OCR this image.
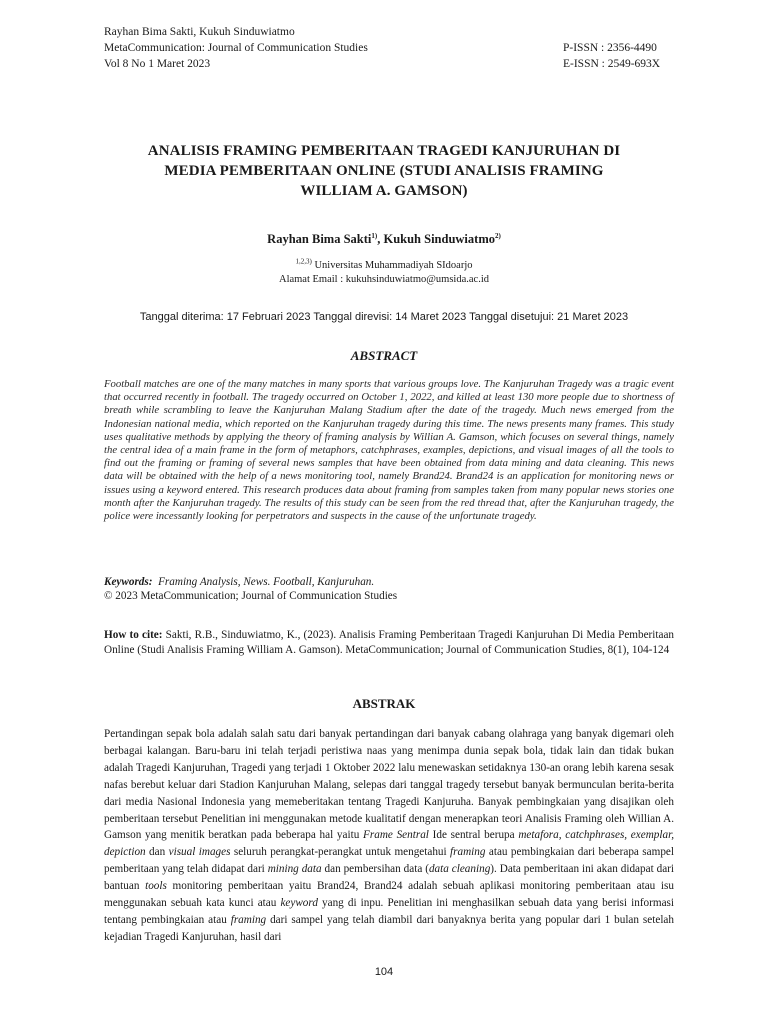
Rayhan Bima Sakti, Kukuh Sinduwiatmo
MetaCommunication: Journal of Communication Studies
Vol 8 No 1 Maret 2023
P-ISSN : 2356-4490
E-ISSN : 2549-693X
ANALISIS FRAMING PEMBERITAAN TRAGEDI KANJURUHAN DI
MEDIA PEMBERITAAN ONLINE (STUDI ANALISIS FRAMING
WILLIAM A. GAMSON)
Rayhan Bima Sakti$^{1)}$, Kukuh Sinduwiatmo$^{2)}$
$^{1,2,3)}$ Universitas Muhammadiyah SIdoarjo
Alamat Email : kukuhsinduwiatmo@umsida.ac.id
Tanggal diterima: 17 Februari 2023 Tanggal direvisi: 14 Maret 2023 Tanggal disetujui: 21 Maret 2023
ABSTRACT
Football matches are one of the many matches in many sports that various groups love. The Kanjuruhan Tragedy was a tragic event that occurred recently in football. The tragedy occurred on October 1, 2022, and killed at least 130 more people due to shortness of breath while scrambling to leave the Kanjuruhan Malang Stadium after the date of the tragedy. Much news emerged from the Indonesian national media, which reported on the Kanjuruhan tragedy during this time. The news presents many frames. This study uses qualitative methods by applying the theory of framing analysis by Willian A. Gamson, which focuses on several things, namely the central idea of a main frame in the form of metaphors, catchphrases, examples, depictions, and visual images of all the tools to find out the framing or framing of several news samples that have been obtained from data mining and data cleaning. This news data will be obtained with the help of a news monitoring tool, namely Brand24. Brand24 is an application for monitoring news or issues using a keyword entered. This research produces data about framing from samples taken from many popular news stories one month after the Kanjuruhan tragedy. The results of this study can be seen from the red thread that, after the Kanjuruhan tragedy, the police were incessantly looking for perpetrators and suspects in the cause of the unfortunate tragedy.
Keywords:  Framing Analysis, News. Football, Kanjuruhan.
© 2023 MetaCommunication; Journal of Communication Studies
How to cite: Sakti, R.B., Sinduwiatmo, K., (2023). Analisis Framing Pemberitaan Tragedi Kanjuruhan Di Media Pemberitaan Online (Studi Analisis Framing William A. Gamson). MetaCommunication; Journal of Communication Studies, 8(1), 104-124
ABSTRAK
Pertandingan sepak bola adalah salah satu dari banyak pertandingan dari banyak cabang olahraga yang banyak digemari oleh berbagai kalangan. Baru-baru ini telah terjadi peristiwa naas yang menimpa dunia sepak bola, tidak lain dan tidak bukan adalah Tragedi Kanjuruhan, Tragedi yang terjadi 1 Oktober 2022 lalu menewaskan setidaknya 130-an orang lebih karena sesak nafas berebut keluar dari Stadion Kanjuruhan Malang, selepas dari tanggal tragedy tersebut banyak bermunculan berita-berita dari media Nasional Indonesia yang memeberitakan tentang Tragedi Kanjuruha. Banyak pembingkaian yang disajikan oleh pemberitaan tersebut Penelitian ini menggunakan metode kualitatif dengan menerapkan teori Analisis Framing oleh Willian A. Gamson yang menitik beratkan pada beberapa hal yaitu Frame Sentral Ide sentral berupa metafora, catchphrases, exemplar, depiction dan visual images seluruh perangkat-perangkat untuk mengetahui framing atau pembingkaian dari beberapa sampel pemberitaan yang telah didapat dari mining data dan pembersihan data (data cleaning). Data pemberitaan ini akan didapat dari bantuan tools monitoring pemberitaan yaitu Brand24, Brand24 adalah sebuah aplikasi monitoring pemberitaan atau isu menggunakan sebuah kata kunci atau keyword yang di inpu. Penelitian ini menghasilkan sebuah data yang berisi informasi tentang pembingkaian atau framing dari sampel yang telah diambil dari banyaknya berita yang popular dari 1 bulan setelah kejadian Tragedi Kanjuruhan, hasil dari
104
